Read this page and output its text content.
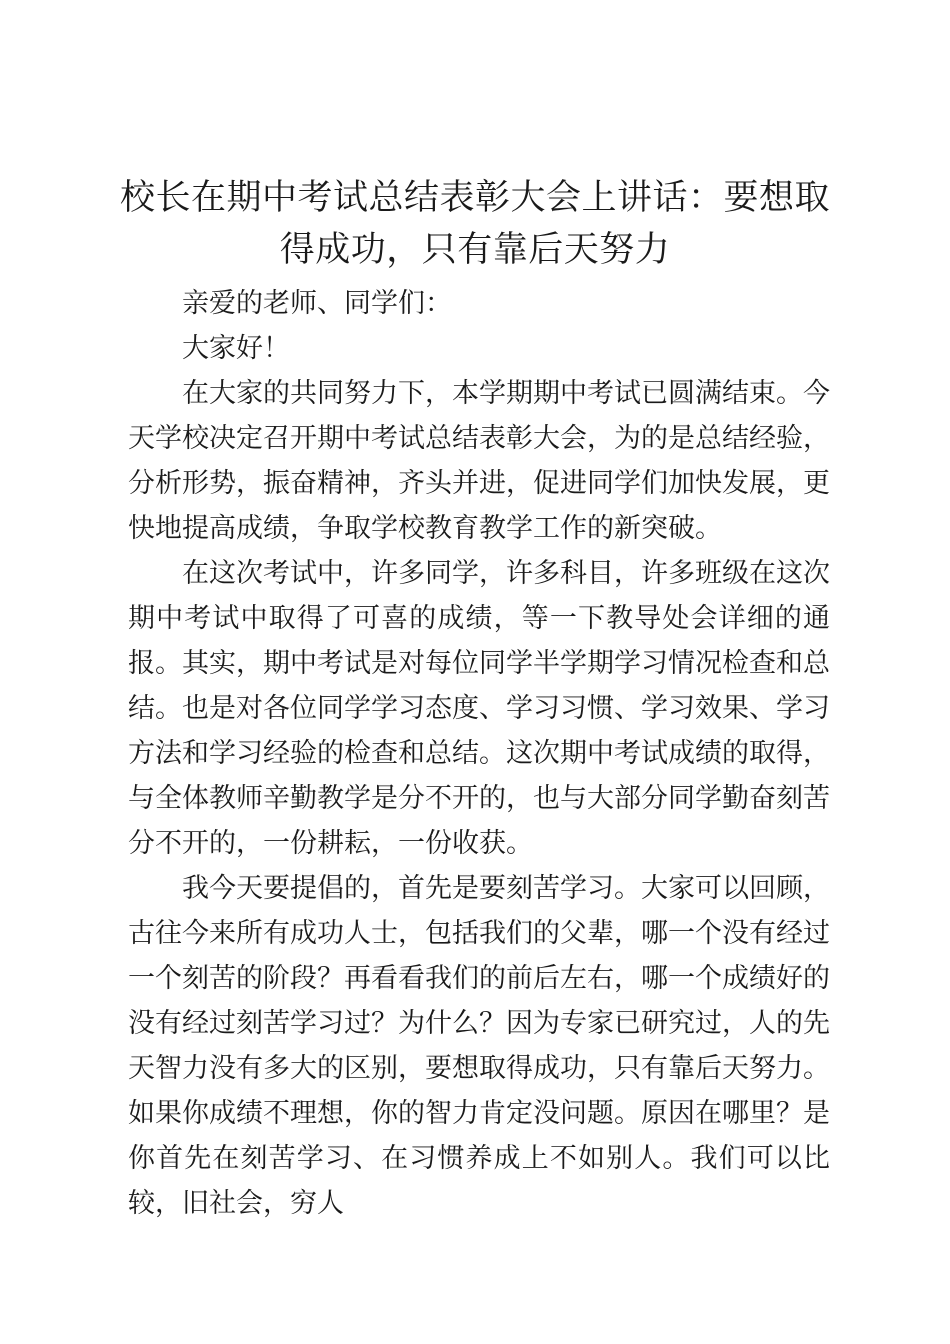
校长在期中考试总结表彰大会上讲话：要想取得成功，只有靠后天努力

亲爱的老师、同学们：

大家好！

在大家的共同努力下，本学期期中考试已圆满结束。今天学校决定召开期中考试总结表彰大会，为的是总结经验，分析形势，振奋精神，齐头并进，促进同学们加快发展，更快地提高成绩，争取学校教育教学工作的新突破。

在这次考试中，许多同学，许多科目，许多班级在这次期中考试中取得了可喜的成绩，等一下教导处会详细的通报。其实，期中考试是对每位同学半学期学习情况检查和总结。也是对各位同学学习态度、学习习惯、学习效果、学习方法和学习经验的检查和总结。这次期中考试成绩的取得，与全体教师辛勤教学是分不开的，也与大部分同学勤奋刻苦分不开的，一份耕耘，一份收获。

我今天要提倡的，首先是要刻苦学习。大家可以回顾，古往今来所有成功人士，包括我们的父辈，哪一个没有经过一个刻苦的阶段？再看看我们的前后左右，哪一个成绩好的没有经过刻苦学习过？为什么？因为专家已研究过，人的先天智力没有多大的区别，要想取得成功，只有靠后天努力。如果你成绩不理想，你的智力肯定没问题。原因在哪里？是你首先在刻苦学习、在习惯养成上不如别人。我们可以比较，旧社会，穷人
